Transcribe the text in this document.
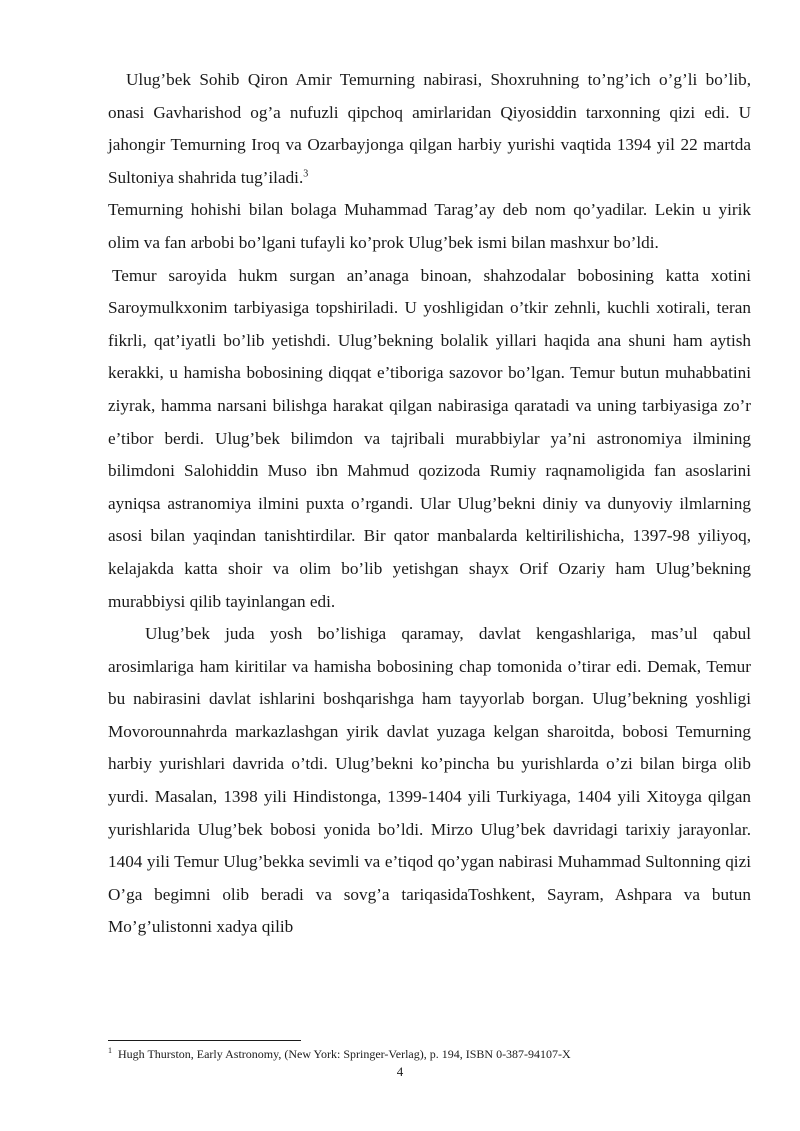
Ulug’bek Sohib Qiron Amir Temurning nabirasi, Shoxruhning to’ng’ich o’g’li bo’lib, onasi Gavharishod og’a nufuzli qipchoq amirlaridan Qiyosiddin tarxonning qizi edi. U jahongir Temurning Iroq va Ozarbayjonga qilgan harbiy yurishi vaqtida 1394 yil 22 martda Sultoniya shahrida tug’iladi.$^3$

Temurning hohishi bilan bolaga Muhammad Tarag’ay deb nom qo’yadilar. Lekin u yirik olim va fan arbobi bo’lgani tufayli ko’prok Ulug’bek ismi bilan mashxur bo’ldi.

Temur saroyida hukm surgan an’anaga binoan, shahzodalar bobosining katta xotini Saroymulkxonim tarbiyasiga topshiriladi. U yoshligidan o’tkir zehnli, kuchli xotirali, teran fikrli, qat’iyatli bo’lib yetishdi. Ulug’bekning bolalik yillari haqida ana shuni ham aytish kerakki, u hamisha bobosining diqqat e’tiboriga sazovor bo’lgan. Temur butun muhabbatini ziyrak, hamma narsani bilishga harakat qilgan nabirasiga qaratadi va uning tarbiyasiga zo’r e’tibor berdi. Ulug’bek bilimdon va tajribali murabbiylar ya’ni astronomiya ilmining bilimdoni Salohiddin Muso ibn Mahmud qozizoda Rumiy raqnamoligida fan asoslarini ayniqsa astranomiya ilmini puxta o’rgandi. Ular Ulug’bekni diniy va dunyoviy ilmlarning asosi bilan yaqindan tanishtirdilar. Bir qator manbalarda keltirilishicha, 1397-98 yiliyoq, kelajakda katta shoir va olim bo’lib yetishgan shayx Orif Ozariy ham Ulug’bekning murabbiysi qilib tayinlangan edi.

Ulug’bek juda yosh bo’lishiga qaramay, davlat kengashlariga, mas’ul qabul arosimlariga ham kiritilar va hamisha bobosining chap tomonida o’tirar edi. Demak, Temur bu nabirasini davlat ishlarini boshqarishga ham tayyorlab borgan. Ulug’bekning yoshligi Movorounnahrda markazlashgan yirik davlat yuzaga kelgan sharoitda, bobosi Temurning harbiy yurishlari davrida o’tdi. Ulug’bekni ko’pincha bu yurishlarda o’zi bilan birga olib yurdi. Masalan, 1398 yili Hindistonga, 1399-1404 yili Turkiyaga, 1404 yili Xitoyga qilgan yurishlarida Ulug’bek bobosi yonida bo’ldi. Mirzo Ulug’bek davridagi tarixiy jarayonlar. 1404 yili Temur Ulug’bekka sevimli va e’tiqod qo’ygan nabirasi Muhammad Sultonning qizi O’ga begimni olib beradi va sovg’a tariqasidaToshkent, Sayram, Ashpara va butun Mo’g’ulistonni xadya qilib

$^1$ Hugh Thurston, Early Astronomy, (New York: Springer-Verlag), p. 194, ISBN 0-387-94107-X
4
